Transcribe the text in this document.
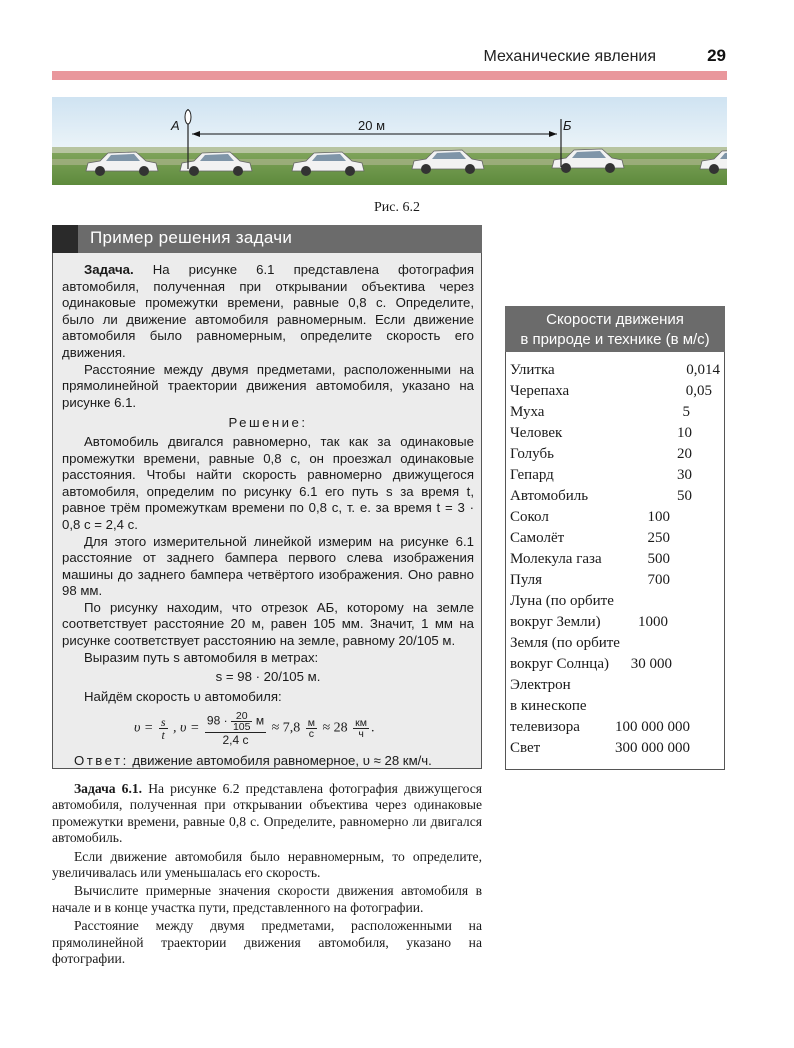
Механические явления	29
А	Б
20 м
Рис. 6.2
Пример решения задачи

Задача. На рисунке 6.1 представлена фотография автомобиля, полученная при открывании объектива через одинаковые промежутки времени, равные 0,8 с. Определите, было ли движение автомобиля равномерным. Если движение автомобиля было равномерным, определите скорость его движения.

Расстояние между двумя предметами, расположенными на прямолинейной траектории движения автомобиля, указано на рисунке 6.1.

Решение:

Автомобиль двигался равномерно, так как за одинаковые промежутки времени, равные 0,8 с, он проезжал одинаковые расстояния. Чтобы найти скорость равномерно движущегося автомобиля, определим по рисунку 6.1 его путь s за время t, равное трём промежуткам времени по 0,8 с, т. е. за время t = 3 · 0,8 с = 2,4 с.

Для этого измерительной линейкой измерим на рисунке 6.1 расстояние от заднего бампера первого слева изображения машины до заднего бампера четвёртого изображения. Оно равно 98 мм.

По рисунку находим, что отрезок АБ, которому на земле соответствует расстояние 20 м, равен 105 мм. Значит, 1 мм на рисунке соответствует расстоянию на земле, равному 20/105 м.

Выразим путь s автомобиля в метрах:

s = 98 · 20/105 м.

Найдём скорость υ автомобиля:

$\upsilon = \frac{s}{t}$ , $\upsilon = \frac{98 \cdot \frac{20}{105} м}{2,4 с} \approx 7,8 \frac{м}{с} \approx 28 \frac{км}{ч}$ .

Ответ: движение автомобиля равномерное, υ ≈ 28 км/ч.

Скорости движения
в природе и технике (в м/с)
Улитка	0,014
Черепаха	0,05
Муха	5
Человек	10
Голубь	20
Гепард	30
Автомобиль	50
Сокол	100
Самолёт	250
Молекула газа	500
Пуля	700
Луна (по орбите
вокруг Земли) 1000
Земля (по орбите
вокруг Солнца) 30 000
Электрон
в кинескопе
телевизора 100 000 000
Свет	300 000 000

Задача 6.1. На рисунке 6.2 представлена фотография движущегося автомобиля, полученная при открывании объектива через одинаковые промежутки времени, равные 0,8 с. Определите, равномерно ли двигался автомобиль.

Если движение автомобиля было неравномерным, то определите, увеличивалась или уменьшалась его скорость.

Вычислите примерные значения скорости движения автомобиля в начале и в конце участка пути, представленного на фотографии.

Расстояние между двумя предметами, расположенными на прямолинейной траектории движения автомобиля, указано на фотографии.
